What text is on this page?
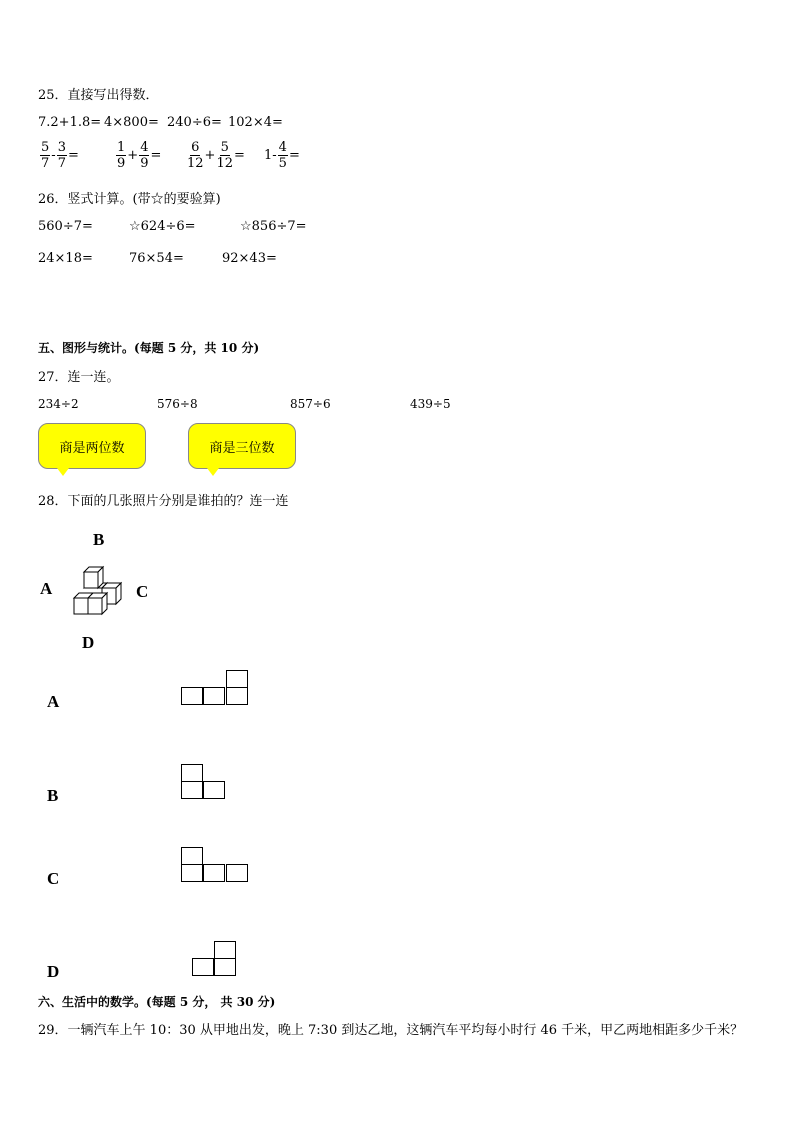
25．直接写出得数．
7.2+1.8= 4×800= 240÷6= 102×4=
$\frac{5}{7} - \frac{3}{7}$ =	$\frac{1}{9} + \frac{4}{9} = \frac{6}{12} + \frac{5}{12} = 1- \frac{4}{5}$ =
26．竖式计算。(带☆的要验算)
560÷7=	☆624÷6=	☆856÷7=
24×18=	76×54=	92×43=
五、图形与统计。(每题 5 分，共 10 分)
27．连一连。
234÷2	576÷8	857÷6	439÷5
商是两位数	商是三位数
28．下面的几张照片分别是谁拍的？连一连
B
A	C
D
A
B
C
D
六、生活中的数学。(每题 5 分， 共 30 分)
29．一辆汽车上午 10：30 从甲地出发，晚上 7:30 到达乙地，这辆汽车平均每小时行 46 千米，甲乙两地相距多少千米？
